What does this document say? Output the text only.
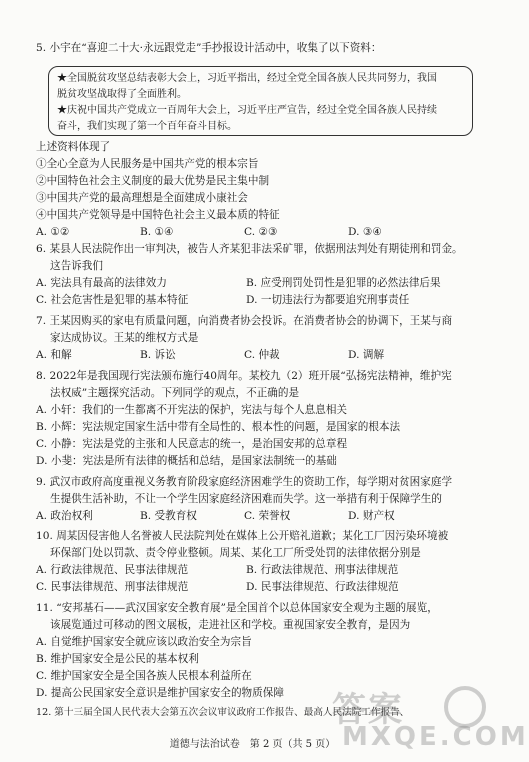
5. 小宇在“喜迎二十大·永远跟党走”手抄报设计活动中，收集了以下资料：

★全国脱贫攻坚总结表彰大会上，习近平指出，经过全党全国各族人民共同努力，我国

脱贫攻坚战取得了全面胜利。

★庆祝中国共产党成立一百周年大会上，习近平庄严宣告，经过全党全国各族人民持续

奋斗，我们实现了第一个百年奋斗目标。

上述资料体现了
①全心全意为人民服务是中国共产党的根本宗旨
②中国特色社会主义制度的最大优势是民主集中制
③中国共产党的最高理想是全面建成小康社会
④中国共产党领导是中国特色社会主义最本质的特征
A. ①②	B. ①④	C. ②③	D. ③④
6. 某县人民法院作出一审判决，被告人齐某犯非法采矿罪，依据刑法判处有期徒刑和罚金。
这告诉我们
A. 宪法具有最高的法律效力	B. 应受刑罚处罚性是犯罪的必然法律后果
C. 社会危害性是犯罪的基本特征	D. 一切违法行为都要追究刑事责任
7. 王某因购买的家电有质量问题，向消费者协会投诉。在消费者协会的协调下，王某与商
家达成协议。王某的维权方式是
A. 和解	B. 诉讼	C. 仲裁	D. 调解
8. 2022年是我国现行宪法颁布施行40周年。某校九（2）班开展“弘扬宪法精神，维护宪
法权威”主题探究活动。下列同学的观点，不正确的是
A. 小轩：我们的一生都离不开宪法的保护，宪法与每个人息息相关
B. 小辉：宪法规定国家生活中带有全局性的、根本性的问题，是国家的根本法
C. 小静：宪法是党的主张和人民意志的统一，是治国安邦的总章程
D. 小斐：宪法是所有法律的概括和总结，是国家法制统一的基础
9. 武汉市政府高度重视义务教育阶段家庭经济困难学生的资助工作，每学期对贫困家庭学
生提供生活补助，不让一个学生因家庭经济困难而失学。这一举措有利于保障学生的
A. 政治权利	B. 受教育权	C. 荣誉权	D. 财产权
10. 周某因侵害他人名誉被人民法院判处在媒体上公开赔礼道歉；某化工厂因污染环境被
环保部门处以罚款、责令停业整顿。周某、某化工厂所受处罚的法律依据分别是
A. 行政法律规范、民事法律规范	B. 行政法律规范、刑事法律规范
C. 民事法律规范、刑事法律规范	D. 民事法律规范、行政法律规范
11. “安邦基石——武汉国家安全教育展”是全国首个以总体国家安全观为主题的展览，
该展览通过可移动的图文展板，走进社区和学校。重视国家安全教育，是因为
A. 自觉维护国家安全就应该以政治安全为宗旨
B. 维护国家安全是公民的基本权利
C. 维护国家安全是全国各族人民根本利益所在
D. 提高公民国家安全意识是维护国家安全的物质保障
12. 第十三届全国人民代表大会第五次会议审议政府工作报告、最高人民法院工作报告、
道德与法治试卷　第 2 页（共 5 页）
答案
MXQE.COM
